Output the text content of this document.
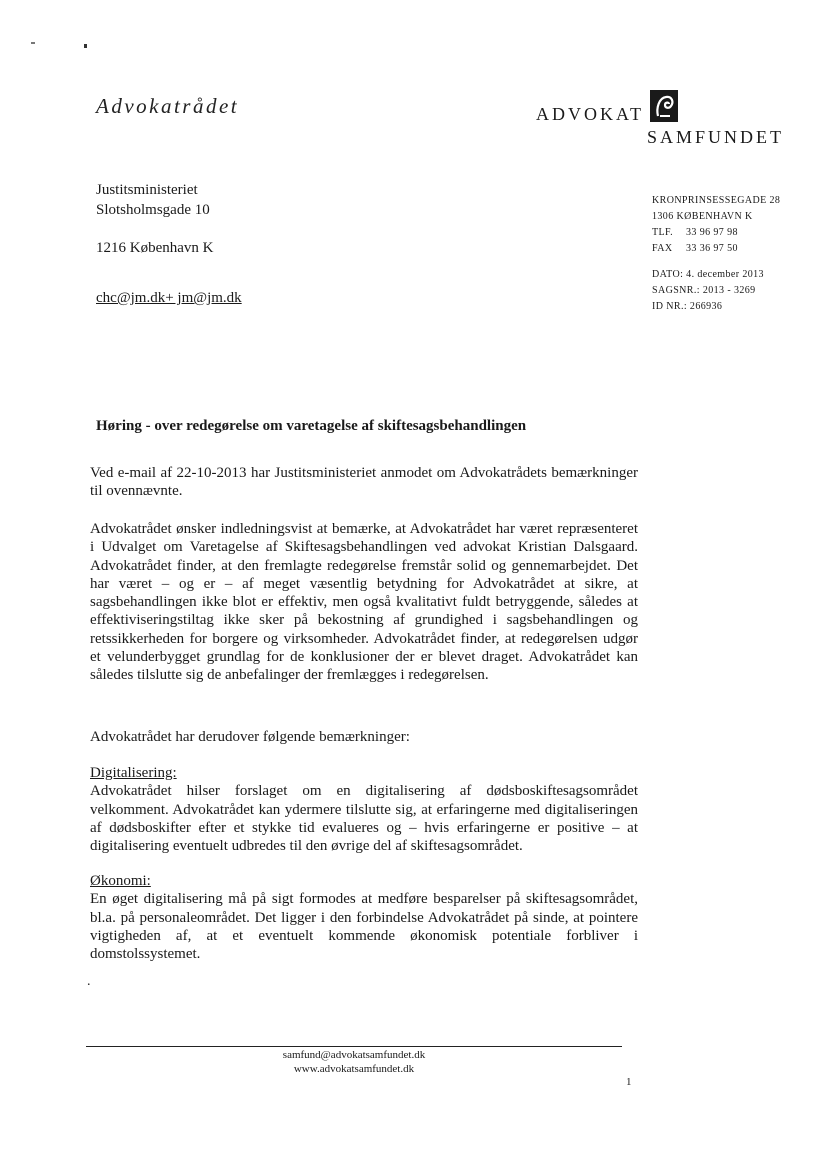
Advokatrådet	ADVOKAT
SAMFUNDET
Justitsministeriet
Slotsholmsgade 10
1216 København K
chc@jm.dk+ jm@jm.dk
KRONPRINSESSEGADE 28
1306 KØBENHAVN K
TLF. 33 96 97 98
FAX 33 36 97 50
DATO: 4. december 2013
SAGSNR.: 2013 - 3269
ID NR.: 266936
Høring - over redegørelse om varetagelse af skiftesagsbehandlingen

Ved e-mail af 22-10-2013 har Justitsministeriet anmodet om Advokatrådets bemærkninger til ovennævnte.

Advokatrådet ønsker indledningsvist at bemærke, at Advokatrådet har været repræsenteret i Udvalget om Varetagelse af Skiftesagsbehandlingen ved advokat Kristian Dalsgaard. Advokatrådet finder, at den fremlagte redegørelse fremstår solid og gennemarbejdet. Det har været – og er – af meget væsentlig betydning for Advokatrådet at sikre, at sagsbehandlingen ikke blot er effektiv, men også kvalitativt fuldt betryggende, således at effektiviseringstiltag ikke sker på bekostning af grundighed i sagsbehandlingen og retssikkerheden for borgere og virksomheder. Advokatrådet finder, at redegørelsen udgør et velunderbygget grundlag for de konklusioner der er blevet draget. Advokatrådet kan således tilslutte sig de anbefalinger der fremlægges i redegørelsen.

Advokatrådet har derudover følgende bemærkninger:

Digitalisering:

Advokatrådet hilser forslaget om en digitalisering af dødsboskiftesagsområdet velkomment. Advokatrådet kan ydermere tilslutte sig, at erfaringerne med digitaliseringen af dødsboskifter efter et stykke tid evalueres og – hvis erfaringerne er positive – at digitalisering eventuelt udbredes til den øvrige del af skiftesagsområdet.

Økonomi:

En øget digitalisering må på sigt formodes at medføre besparelser på skiftesagsområdet, bl.a. på personaleområdet. Det ligger i den forbindelse Advokatrådet på sinde, at pointere vigtigheden af, at et eventuelt kommende økonomisk potentiale forbliver i domstolssystemet.

.
samfund@advokatsamfundet.dk
www.advokatsamfundet.dk
1
